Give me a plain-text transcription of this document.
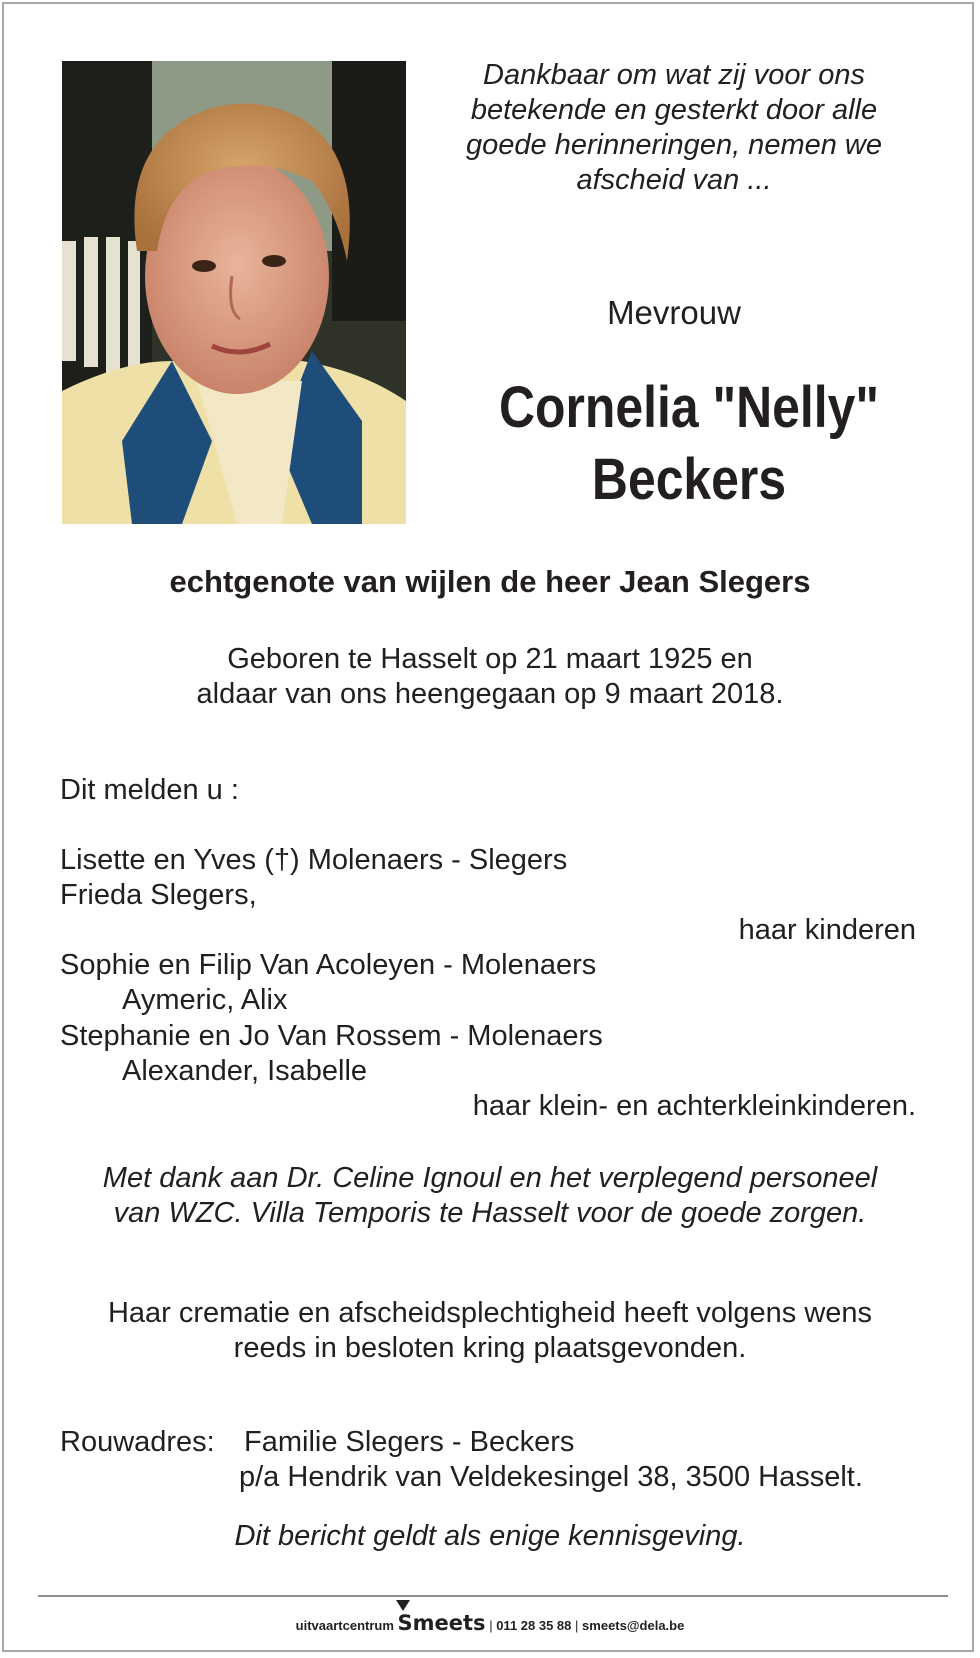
Dankbaar om wat zij voor ons
betekende en gesterkt door alle
goede herinneringen, nemen we
afscheid van ...
Mevrouw
Cornelia "Nelly"
Beckers
echtgenote van wijlen de heer Jean Slegers
Geboren te Hasselt op 21 maart 1925 en
aldaar van ons heengegaan op 9 maart 2018.
Dit melden u :
Lisette en Yves (†) Molenaers - Slegers
Frieda Slegers,
haar kinderen
Sophie en Filip Van Acoleyen - Molenaers
Aymeric, Alix
Stephanie en Jo Van Rossem - Molenaers
Alexander, Isabelle
haar klein- en achterkleinkinderen.
Met dank aan Dr. Celine Ignoul en het verplegend personeel
van WZC. Villa Temporis te Hasselt voor de goede zorgen.
Haar crematie en afscheidsplechtigheid heeft volgens wens
reeds in besloten kring plaatsgevonden.
Rouwadres: Familie Slegers - Beckers
p/a Hendrik van Veldekesingel 38, 3500 Hasselt.
Dit bericht geldt als enige kennisgeving.
uitvaartcentrum Smeets | 011 28 35 88 | smeets@dela.be
